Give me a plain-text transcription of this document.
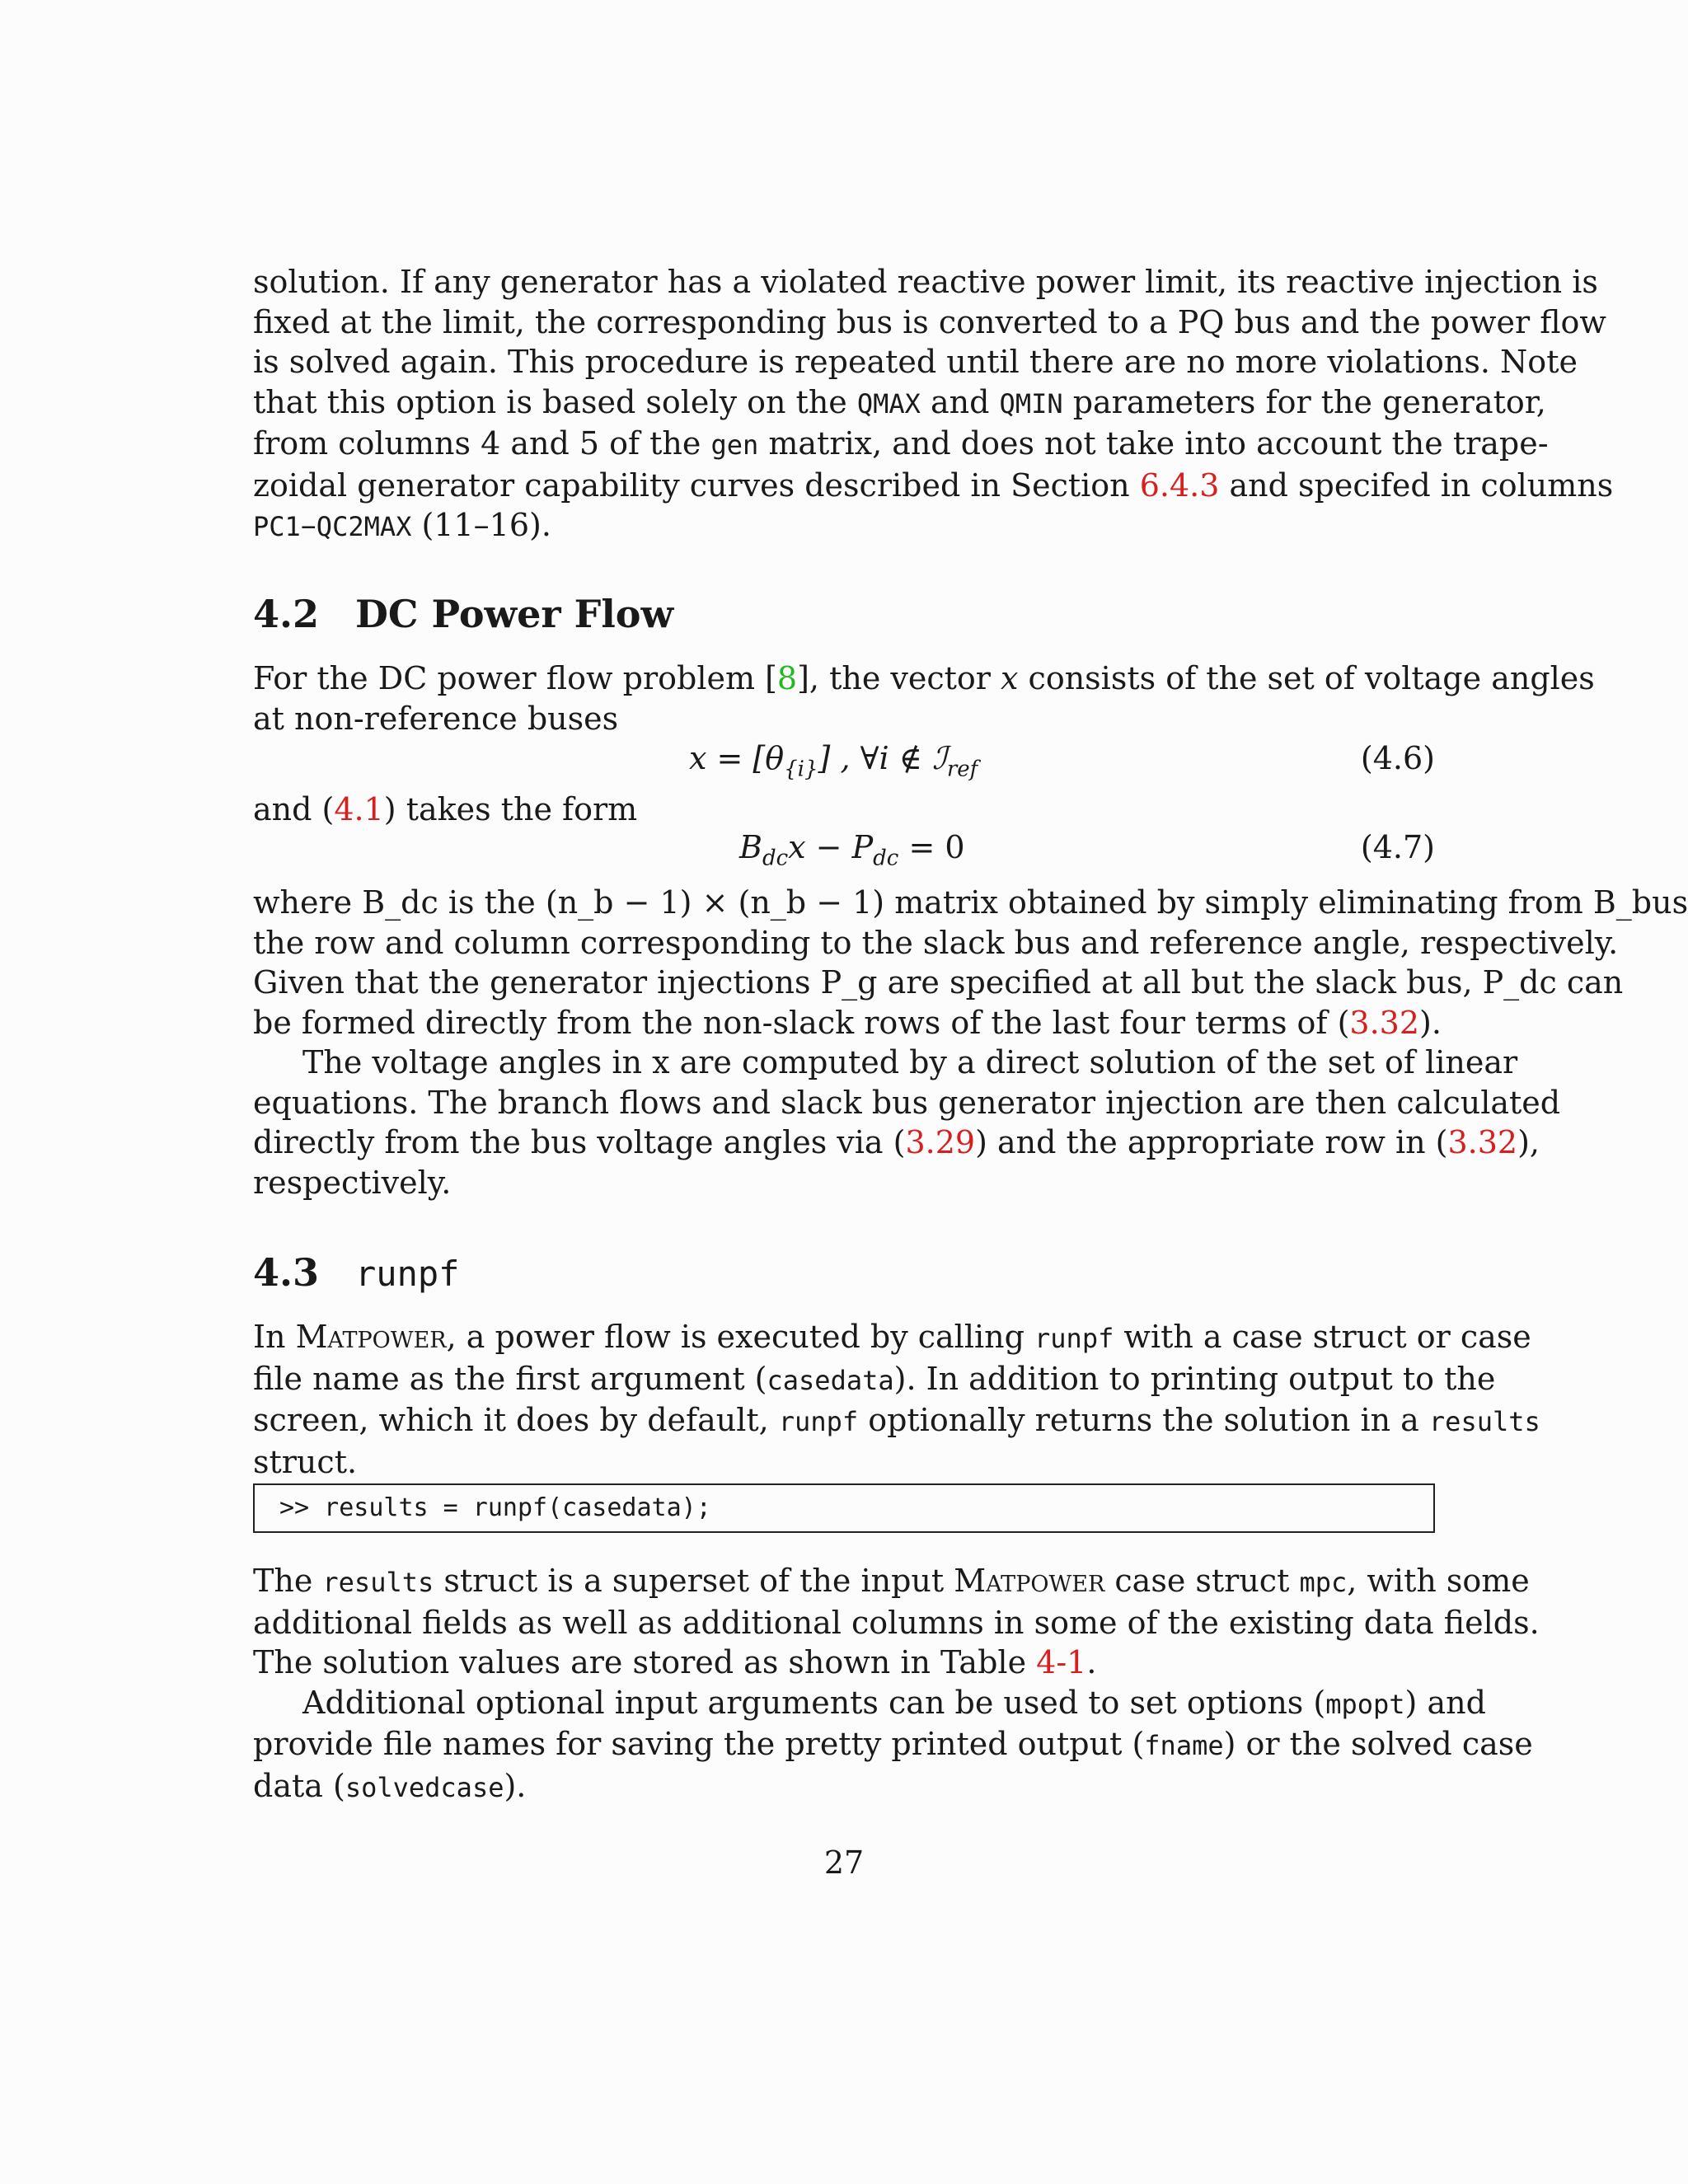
solution. If any generator has a violated reactive power limit, its reactive injection is
fixed at the limit, the corresponding bus is converted to a PQ bus and the power flow
is solved again. This procedure is repeated until there are no more violations. Note
that this option is based solely on the QMAX and QMIN parameters for the generator,
from columns 4 and 5 of the gen matrix, and does not take into account the trape-
zoidal generator capability curves described in Section 6.4.3 and specifed in columns
PC1–QC2MAX (11–16).
4.2 DC Power Flow
For the DC power flow problem [8], the vector x consists of the set of voltage angles
at non-reference buses
$x = [\theta_{\{i\}}]$ , ∀i ∉ ℐ$_{ref}$	(4.6)
and (4.1) takes the form
$B_{dc}x - P_{dc} = 0$	(4.7)
where B_dc is the (n_b − 1) × (n_b − 1) matrix obtained by simply eliminating from B_bus
the row and column corresponding to the slack bus and reference angle, respectively.
Given that the generator injections P_g are specified at all but the slack bus, P_dc can
be formed directly from the non-slack rows of the last four terms of (3.32).
The voltage angles in x are computed by a direct solution of the set of linear
equations. The branch flows and slack bus generator injection are then calculated
directly from the bus voltage angles via (3.29) and the appropriate row in (3.32),
respectively.
4.3 runpf
In Matpower, a power flow is executed by calling runpf with a case struct or case
file name as the first argument (casedata). In addition to printing output to the
screen, which it does by default, runpf optionally returns the solution in a results
struct.
>> results = runpf(casedata);
The results struct is a superset of the input Matpower case struct mpc, with some
additional fields as well as additional columns in some of the existing data fields.
The solution values are stored as shown in Table 4-1.
Additional optional input arguments can be used to set options (mpopt) and
provide file names for saving the pretty printed output (fname) or the solved case
data (solvedcase).
27
